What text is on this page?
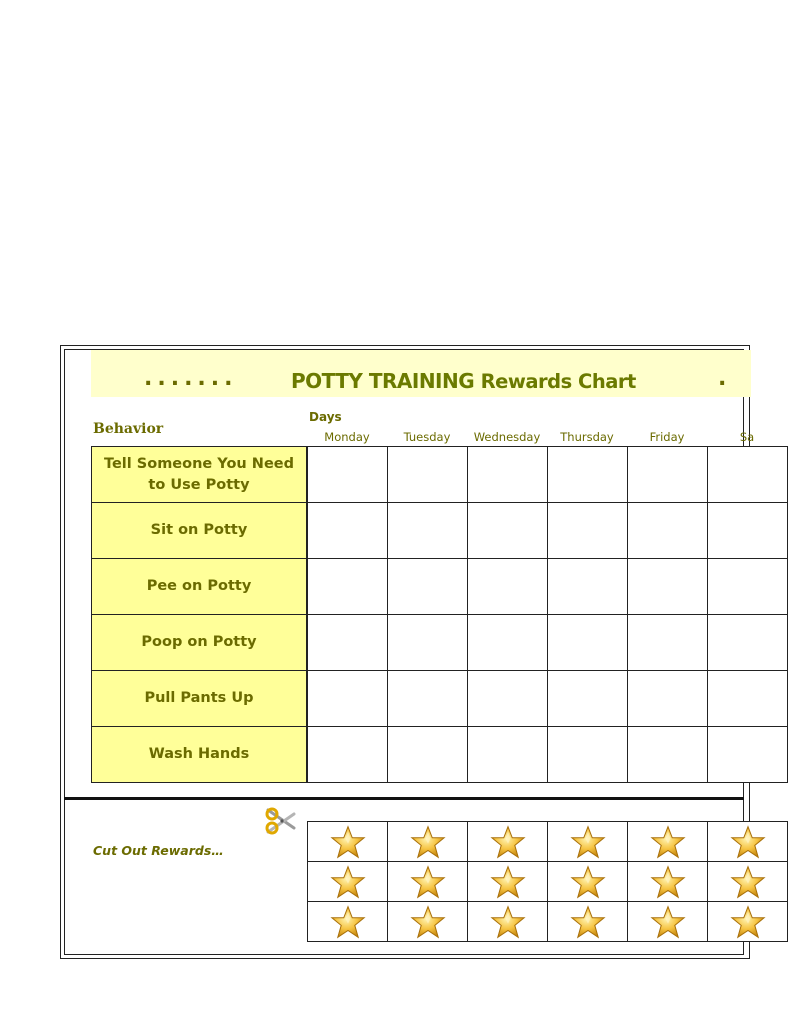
.......	POTTY TRAINING Rewards Chart	.
Behavior
Days
Monday	Tuesday	Wednesday	Thursday	Friday	Sa
Tell Someone You Need to Use Potty
Sit on Potty
Pee on Potty
Poop on Potty
Pull Pants Up
Wash Hands
Cut Out Rewards…
